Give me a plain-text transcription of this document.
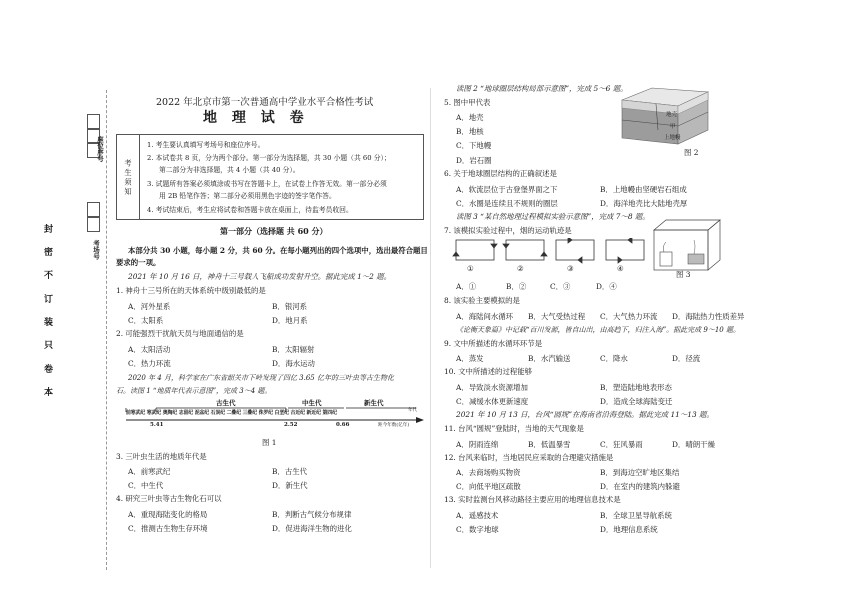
座位序号
考场号
本
卷
只
装
订
不
密
封
2022 年北京市第一次普通高中学业水平合格性考试
地 理 试 卷
考 生 须 知
1. 考生要认真填写考场号和座位序号。
2. 本试卷共 8 页，分为两个部分。第一部分为选择题，共 30 小题（共 60 分）；
第二部分为非选择题，共 4 小题（共 40 分）。
3. 试题所有答案必须填涂或书写在答题卡上，在试卷上作答无效。第一部分必须
用 2B 铅笔作答；第二部分必须用黑色字迹的签字笔作答。
4. 考试结束后，考生应将试卷和答题卡放在桌面上，待监考员收回。
第一部分（选择题 共 60 分）
本部分共 30 小题，每小题 2 分，共 60 分。在每小题列出的四个选项中，选出最符合题目
要求的一项。
2021 年 10 月 16 日，神舟十三号载人飞船成功发射升空。据此完成 1～2 题。
1. 神舟十三号所在的天体系统中级别最低的是
A．河外星系	B．银河系
C．太阳系	D．地月系
2. 可能强烈干扰航天员与地面通信的是
A．太阳活动	B．太阳辐射
C．热力环流	D．海水运动
2020 年 4 月，科学家在广东省韶关市下岭发现了四亿 3.65 亿年的三叶虫等古生物化
石。读图 1 “地质年代表示意图”，完成 3～4 题。
古生代	中生代	新生代
前寒武纪 寒武纪 奥陶纪 志留纪 泥盆纪 石炭纪 二叠纪 三叠纪 侏罗纪 白垩纪 古近纪 新近纪 第四纪	年代
5.41	2.52	0.66	距今年数(亿年)
图 1
3. 三叶虫生活的地质年代是
A．前寒武纪	B．古生代
C．中生代	D．新生代
4. 研究三叶虫等古生物化石可以
A．重现海陆变化的格局	B．判断古气候分布规律
C．推测古生物生存环境	D．促进海洋生物的进化
读图 2 “地球圈层结构局部示意图”，完成 5～6 题。
5. 图中甲代表
A．地壳
B．地核
C．下地幔
D．岩石圈
地壳
甲
上地幔
图 2
6. 关于地球圈层结构的正确叙述是
A．软流层位于古登堡界面之下	B．上地幔由坚硬岩石组成
C．水圈是连续且不规则的圈层	D．海洋地壳比大陆地壳厚
读图 3 “某自然地理过程模拟实验示意图”，完成 7～8 题。
7. 该模拟实验过程中，烟的运动轨迹是
①	②	③	④
图 3
A．①	B．②	C．③	D．④
8. 该实验主要模拟的是
A．海陆间水循环 B．大气受热过程 C．大气热力环流 D．海陆热力性质差异
《论衡天象篇》中记载“百川发源，皆自山出，由高趋下，归注入海”。据此完成 9～10 题。
9. 文中所描述的水循环环节是
A．蒸发	B．水汽输送	C．降水	D．径流
10. 文中所描述的过程能够
A．导致淡水资源增加	B．塑造陆地地表形态
C．减缓水体更新速度	D．造成全球海陆变迁
2021 年 10 月 13 日，台风“圆规”在海南省沿海登陆。据此完成 11～13 题。
11. 台风“圆规”登陆时，当地的天气现象是
A．阴雨连绵	B．低温暴雪	C．狂风暴雨	D．晴朗干燥
12. 台风来临时，当地居民应采取的合理避灾措施是
A．去商场购买物资	B．到海边空旷地区集结
C．向低平地区疏散	D．在室内的建筑内躲避
13. 实时监测台风移动路径主要应用的地理信息技术是
A．遥感技术	B．全球卫星导航系统
C．数字地球	D．地理信息系统
